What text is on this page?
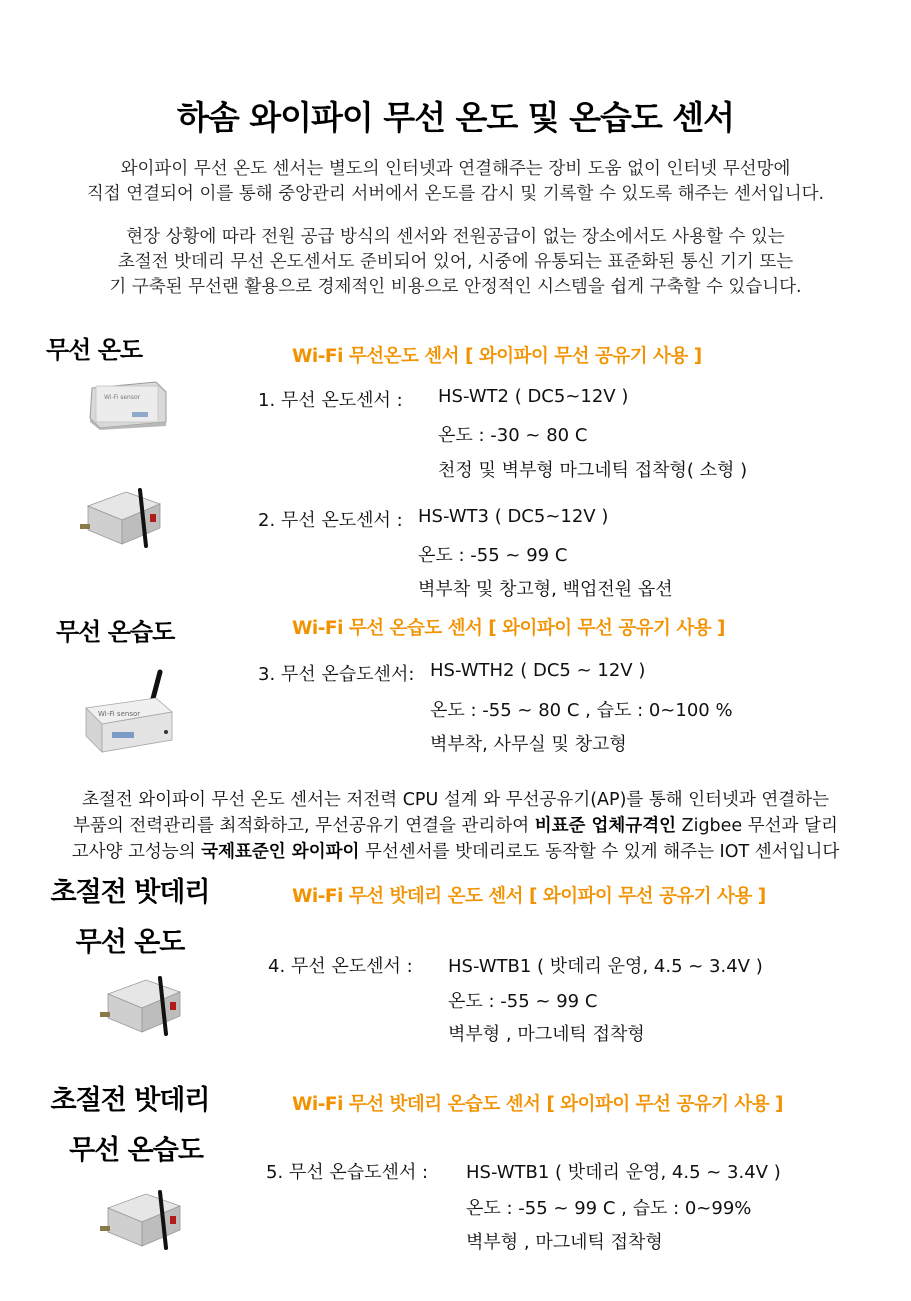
하솜 와이파이 무선 온도 및 온습도 센서
와이파이 무선 온도 센서는 별도의 인터넷과 연결해주는 장비 도움 없이 인터넷 무선망에
직접 연결되어 이를 통해 중앙관리 서버에서 온도를 감시 및 기록할 수 있도록 해주는 센서입니다.
현장 상황에 따라 전원 공급 방식의 센서와 전원공급이 없는 장소에서도 사용할 수 있는
초절전 밧데리 무선 온도센서도 준비되어 있어, 시중에 유통되는 표준화된 통신 기기 또는
기 구축된 무선랜 활용으로 경제적인 비용으로 안정적인 시스템을 쉽게 구축할 수 있습니다.
무선 온도	Wi-Fi 무선온도 센서 [ 와이파이 무선 공유기 사용 ]
Wi-Fi sensor	1. 무선 온도센서 : HS-WT2 ( DC5~12V )
온도 : -30 ~ 80 C
천정 및 벽부형 마그네틱 접착형( 소형 )
2. 무선 온도센서 : HS-WT3 ( DC5~12V )
온도 : -55 ~ 99 C
벽부착 및 창고형, 백업전원 옵션
무선 온습도	Wi-Fi 무선 온습도 센서 [ 와이파이 무선 공유기 사용 ]
Wi-Fi sensor
3. 무선 온습도센서: HS-WTH2 ( DC5 ~ 12V )
온도 : -55 ~ 80 C , 습도 : 0~100 %
벽부착, 사무실 및 창고형
초절전 와이파이 무선 온도 센서는 저전력 CPU 설계 와 무선공유기(AP)를 통해 인터넷과 연결하는
부품의 전력관리를 최적화하고, 무선공유기 연결을 관리하여 비표준 업체규격인 Zigbee 무선과 달리
고사양 고성능의 국제표준인 와이파이 무선센서를 밧데리로도 동작할 수 있게 해주는 IOT 센서입니다
초절전 밧데리
무선 온도
Wi-Fi 무선 밧데리 온도 센서 [ 와이파이 무선 공유기 사용 ]
4. 무선 온도센서 : HS-WTB1 ( 밧데리 운영, 4.5 ~ 3.4V )
온도 : -55 ~ 99 C
벽부형 , 마그네틱 접착형
초절전 밧데리
무선 온습도
Wi-Fi 무선 밧데리 온습도 센서 [ 와이파이 무선 공유기 사용 ]
5. 무선 온습도센서 : HS-WTB1 ( 밧데리 운영, 4.5 ~ 3.4V )
온도 : -55 ~ 99 C , 습도 : 0~99%
벽부형 , 마그네틱 접착형
